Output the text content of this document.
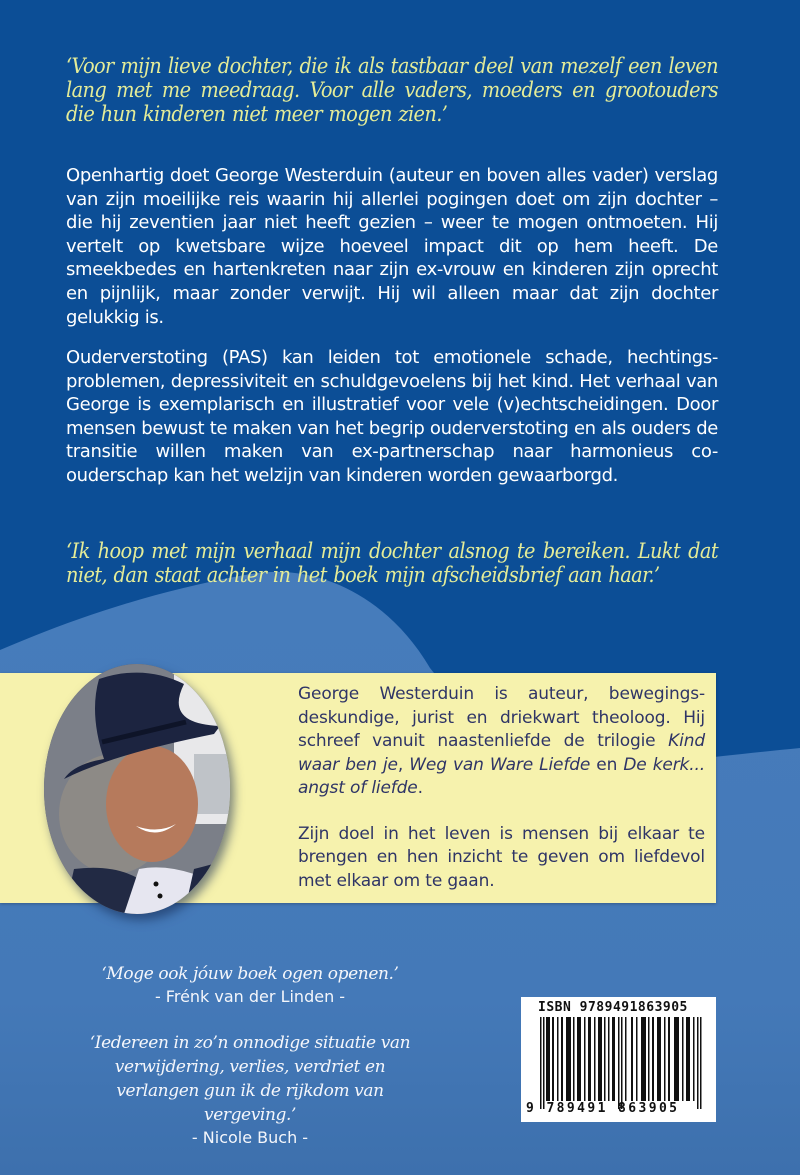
‘Voor mijn lieve dochter, die ik als tastbaar deel van mezelf een leven lang met me meedraag. Voor alle vaders, moeders en grootouders die hun kinderen niet meer mogen zien.’
Openhartig doet George Westerduin (auteur en boven alles vader) verslag van zijn moeilijke reis waarin hij allerlei pogingen doet om zijn dochter – die hij zeventien jaar niet heeft gezien – weer te mogen ontmoeten. Hij vertelt op kwetsbare wijze hoeveel impact dit op hem heeft. De smeekbedes en hartenkreten naar zijn ex-vrouw en kinderen zijn oprecht en pijnlijk, maar zonder verwijt. Hij wil alleen maar dat zijn dochter gelukkig is.
Ouderverstoting (PAS) kan leiden tot emotionele schade, hechtings-problemen, depressiviteit en schuldgevoelens bij het kind. Het verhaal van George is exemplarisch en illustratief voor vele (v)echtscheidingen. Door mensen bewust te maken van het begrip ouderverstoting en als ouders de transitie willen maken van ex-partnerschap naar harmonieus co-ouderschap kan het welzijn van kinderen worden gewaarborgd.
‘Ik hoop met mijn verhaal mijn dochter alsnog te bereiken. Lukt dat niet, dan staat achter in het boek mijn afscheidsbrief aan haar.’

George Westerduin is auteur, bewegings-deskundige, jurist en driekwart theoloog. Hij schreef vanuit naastenliefde de trilogie Kind waar ben je, Weg van Ware Liefde en De kerk... angst of liefde.

Zijn doel in het leven is mensen bij elkaar te brengen en hen inzicht te geven om liefdevol met elkaar om te gaan.

‘Moge ook jóuw boek ogen openen.’
- Frénk van der Linden -
‘Iedereen in zo’n onnodige situatie van verwijdering, verlies, verdriet en verlangen gun ik de rijkdom van vergeving.’
- Nicole Buch -
ISBN 9789491863905
9 789491 863905
